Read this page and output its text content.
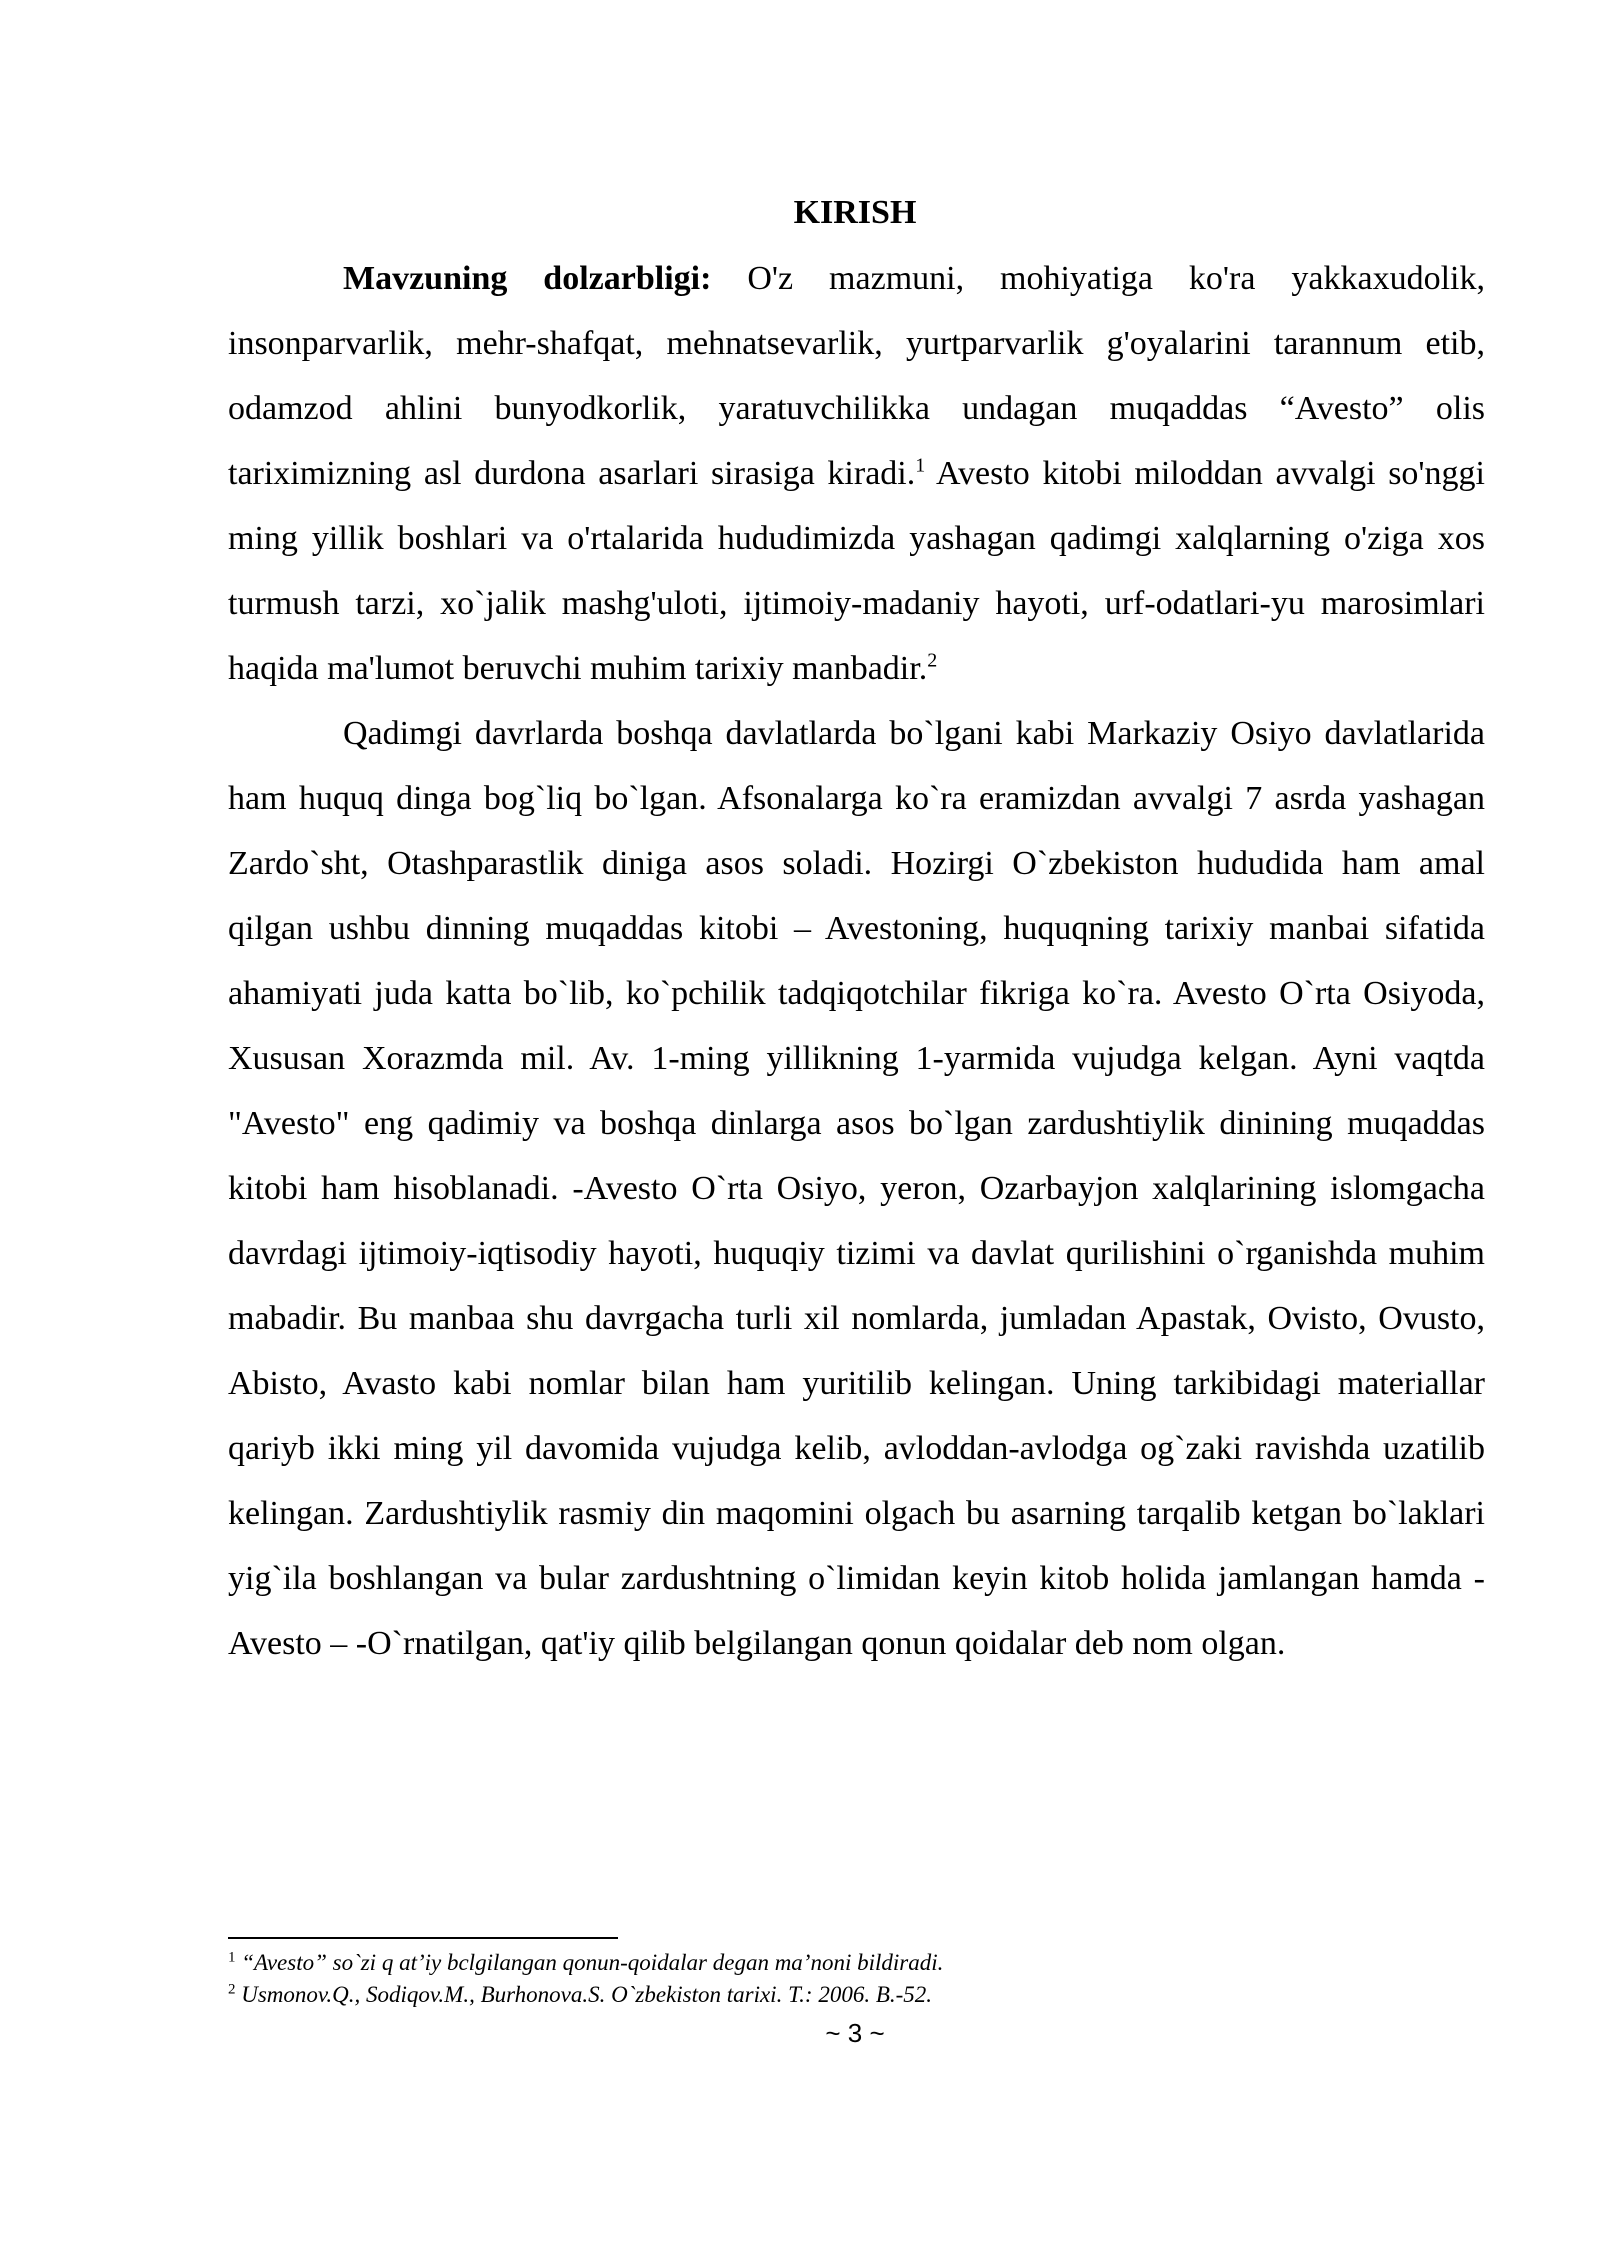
KIRISH

Mavzuning dolzarbligi: O'z mazmuni, mohiyatiga ko'ra yakkaxudolik, insonparvarlik, mehr-shafqat, mehnatsevarlik, yurtparvarlik g'oyalarini tarannum etib, odamzod ahlini bunyodkorlik, yaratuvchilikka undagan muqaddas “Avesto” olis tariximizning asl durdona asarlari sirasiga kiradi.$^1$ Avesto kitobi miloddan avvalgi so'nggi ming yillik boshlari va o'rtalarida hududimizda yashagan qadimgi xalqlarning o'ziga xos turmush tarzi, xo`jalik mashg'uloti, ijtimoiy-madaniy hayoti, urf-odatlari-yu marosimlari haqida ma'lumot beruvchi muhim tarixiy manbadir.$^2$

Qadimgi davrlarda boshqa davlatlarda bo`lgani kabi Markaziy Osiyo davlatlarida ham huquq dinga bog`liq bo`lgan. Afsonalarga ko`ra eramizdan avvalgi 7 asrda yashagan Zardo`sht, Otashparastlik diniga asos soladi. Hozirgi O`zbekiston hududida ham amal qilgan ushbu dinning muqaddas kitobi – Avestoning, huquqning tarixiy manbai sifatida ahamiyati juda katta bo`lib, ko`pchilik tadqiqotchilar fikriga ko`ra. Avesto O`rta Osiyoda, Xususan Xorazmda mil. Av. 1-ming yillikning 1-yarmida vujudga kelgan. Ayni vaqtda "Avesto" eng qadimiy va boshqa dinlarga asos bo`lgan zardushtiylik dinining muqaddas kitobi ham hisoblanadi. -Avesto O`rta Osiyo, yeron, Ozarbayjon xalqlarining islomgacha davrdagi ijtimoiy-iqtisodiy hayoti, huquqiy tizimi va davlat qurilishini o`rganishda muhim mabadir. Bu manbaa shu davrgacha turli xil nomlarda, jumladan Apastak, Ovisto, Ovusto, Abisto, Avasto kabi nomlar bilan ham yuritilib kelingan. Uning tarkibidagi materiallar qariyb ikki ming yil davomida vujudga kelib, avloddan-avlodga og`zaki ravishda uzatilib kelingan. Zardushtiylik rasmiy din maqomini olgach bu asarning tarqalib ketgan bo`laklari yig`ila boshlangan va bular zardushtning o`limidan keyin kitob holida jamlangan hamda -Avesto – -O`rnatilgan, qat'iy qilib belgilangan qonun qoidalar deb nom olgan.

$^1$ “Avesto” so`zi q at’iy bclgilangan qonun-qoidalar degan ma’noni bildiradi.
$^2$ Usmonov.Q., Sodiqov.M., Burhonova.S. O`zbekiston tarixi. T.: 2006. B.-52.
~ 3 ~
